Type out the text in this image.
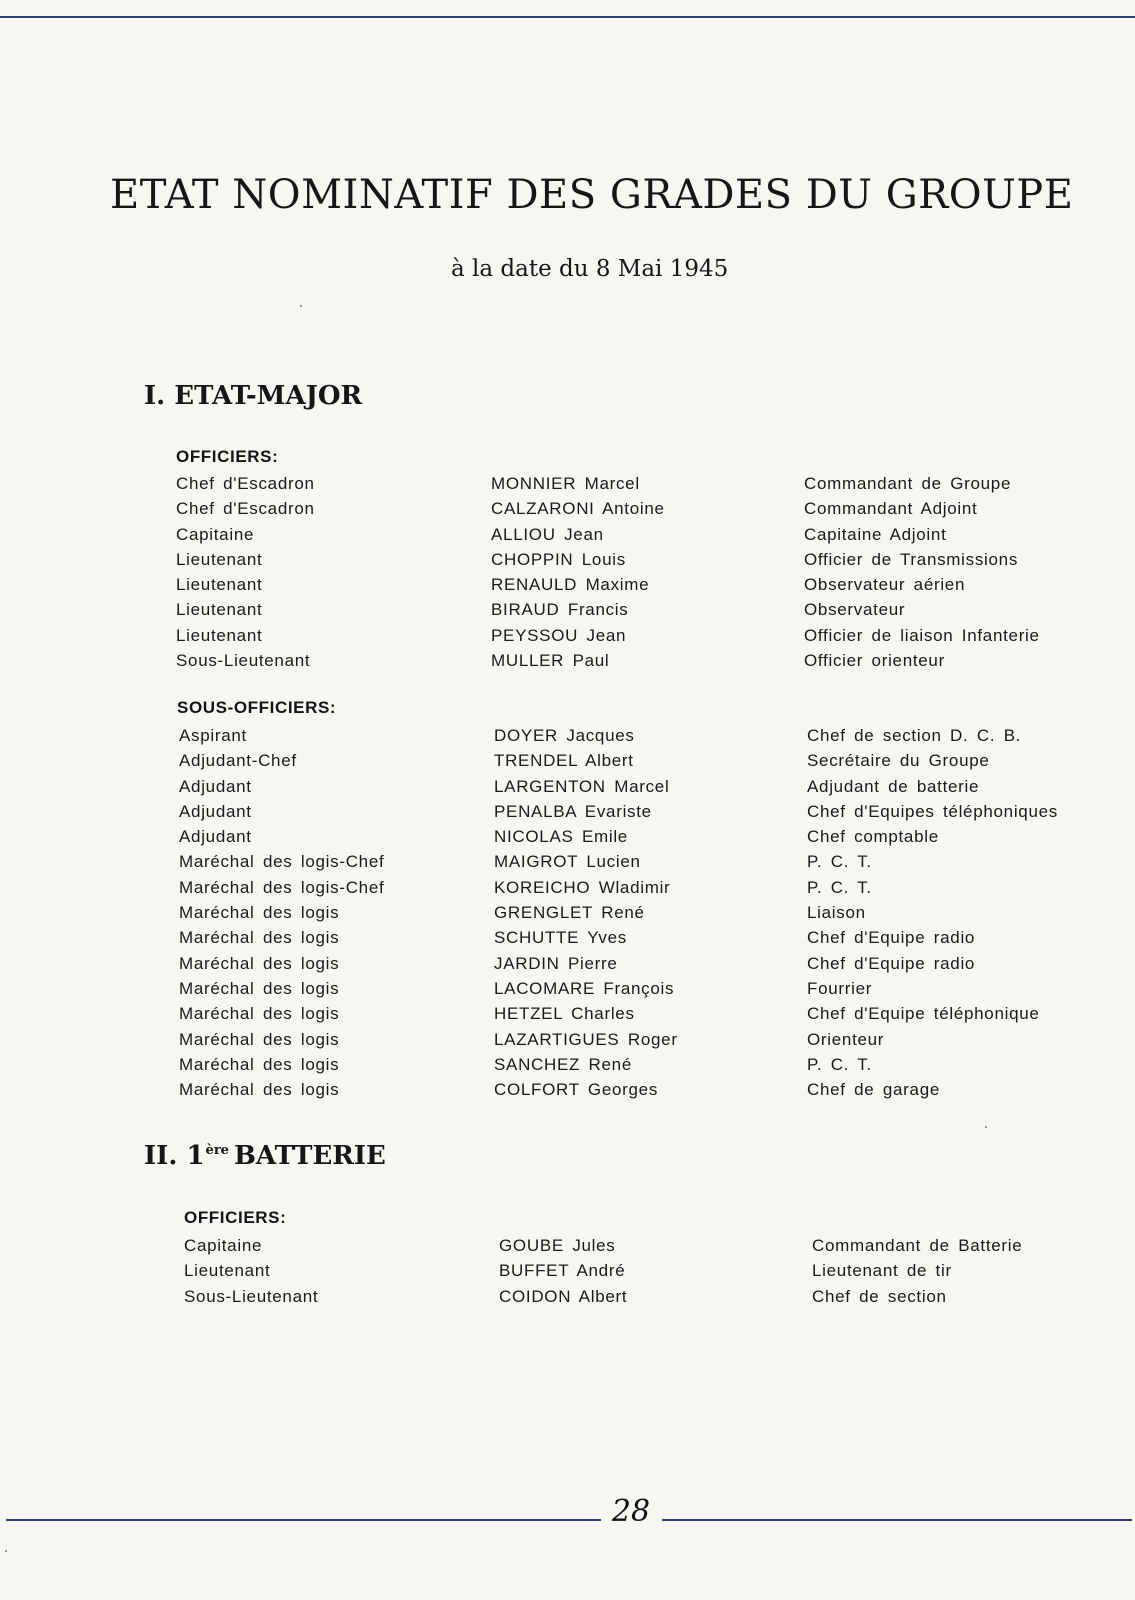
ETAT NOMINATIF DES GRADES DU GROUPE
à la date du 8 Mai 1945
I. ETAT-MAJOR
OFFICIERS:
Chef d'Escadron	MONNIER Marcel	Commandant de Groupe
Chef d'Escadron	CALZARONI Antoine	Commandant Adjoint
Capitaine	ALLIOU Jean	Capitaine Adjoint
Lieutenant	CHOPPIN Louis	Officier de Transmissions
Lieutenant	RENAULD Maxime	Observateur aérien
Lieutenant	BIRAUD Francis	Observateur
Lieutenant	PEYSSOU Jean	Officier de liaison Infanterie
Sous-Lieutenant	MULLER Paul	Officier orienteur
SOUS-OFFICIERS:
Aspirant	DOYER Jacques	Chef de section D. C. B.
Adjudant-Chef	TRENDEL Albert	Secrétaire du Groupe
Adjudant	LARGENTON Marcel	Adjudant de batterie
Adjudant	PENALBA Evariste	Chef d'Equipes téléphoniques
Adjudant	NICOLAS Emile	Chef comptable
Maréchal des logis-Chef	MAIGROT Lucien	P. C. T.
Maréchal des logis-Chef	KOREICHO Wladimir	P. C. T.
Maréchal des logis	GRENGLET René	Liaison
Maréchal des logis	SCHUTTE Yves	Chef d'Equipe radio
Maréchal des logis	JARDIN Pierre	Chef d'Equipe radio
Maréchal des logis	LACOMARE François	Fourrier
Maréchal des logis	HETZEL Charles	Chef d'Equipe téléphonique
Maréchal des logis	LAZARTIGUES Roger	Orienteur
Maréchal des logis	SANCHEZ René	P. C. T.
Maréchal des logis	COLFORT Georges	Chef de garage
II. 1ère BATTERIE
OFFICIERS:
Capitaine	GOUBE Jules	Commandant de Batterie
Lieutenant	BUFFET André	Lieutenant de tir
Sous-Lieutenant	COIDON Albert	Chef de section
28
